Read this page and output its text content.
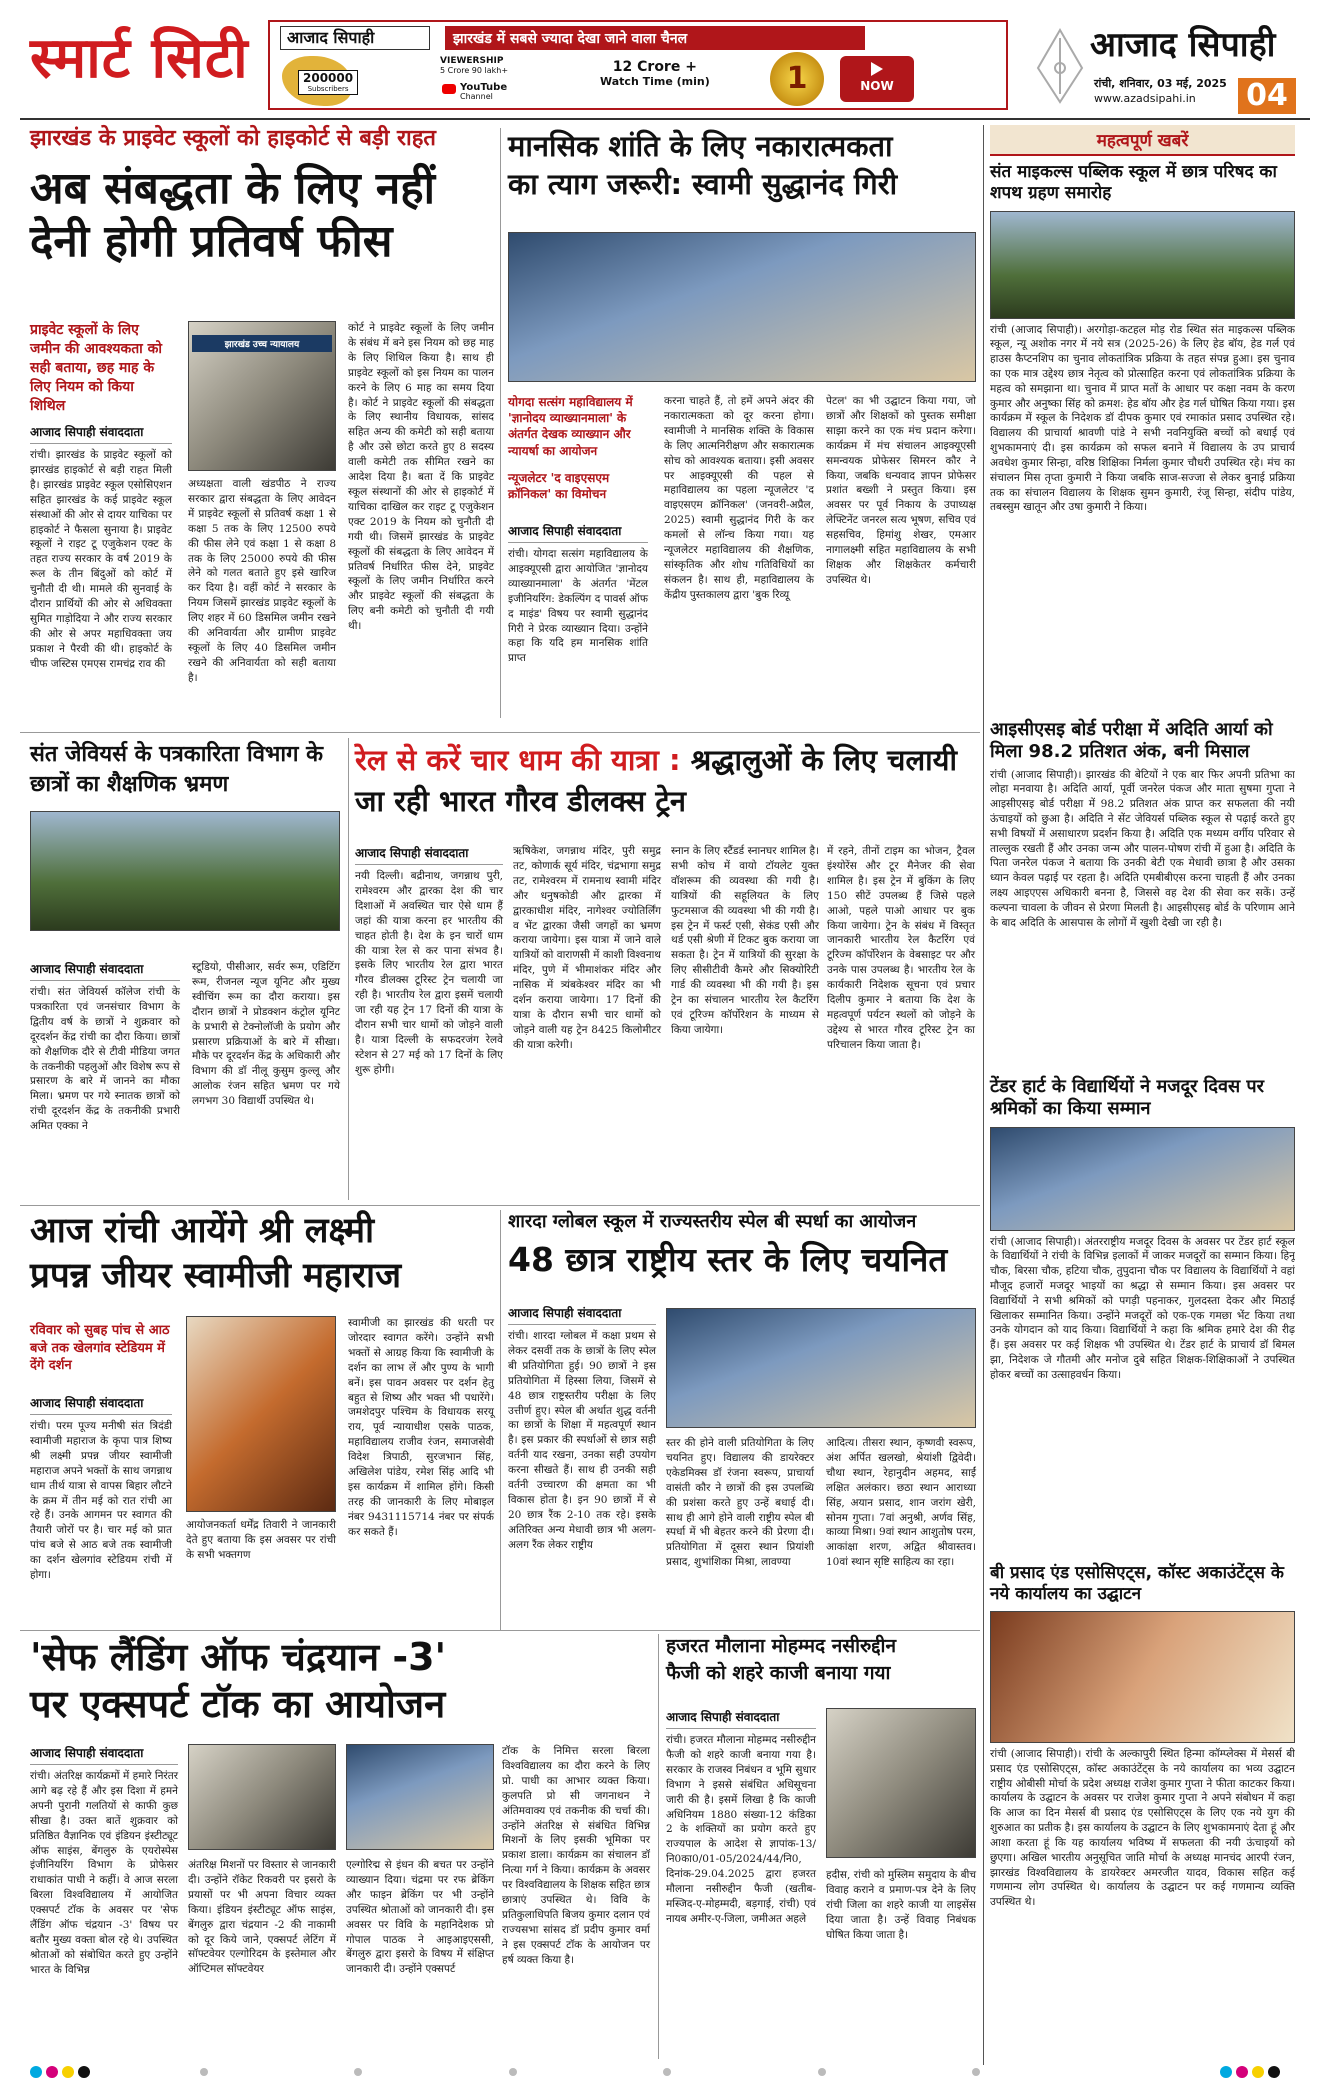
स्मार्ट सिटी आजाद सिपाही	झारखंड में सबसे ज्यादा देखा जाने वाला चैनल
200000
Subscribers
VIEWERSHIP
5 Crore 90 lakh+
YouTube
Channel
12 Crore +
Watch Time (min)	1	NOW
आजाद सिपाही
रांची, शनिवार, 03 मई, 2025
www.azadsipahi.in 04
झारखंड के प्राइवेट स्कूलों को हाइकोर्ट से बड़ी राहत
अब संबद्धता के लिए नहीं
देनी होगी प्रतिवर्ष फीस
प्राइवेट स्कूलों के लिए जमीन की आवश्यकता को सही बताया, छह माह के लिए नियम को किया शिथिल
झारखंड उच्च न्यायालय
आजाद सिपाही संवाददाता
रांची। झारखंड के प्राइवेट स्कूलों को झारखंड हाइकोर्ट से बड़ी राहत मिली है। झारखंड प्राइवेट स्कूल एसोसिएशन सहित झारखंड के कई प्राइवेट स्कूल संस्थाओं की ओर से दायर याचिका पर हाइकोर्ट ने फैसला सुनाया है। प्राइवेट स्कूलों ने राइट टू एजुकेशन एक्ट के तहत राज्य सरकार के वर्ष 2019 के रूल के तीन बिंदुओं को कोर्ट में चुनौती दी थी। मामले की सुनवाई के दौरान प्रार्थियों की ओर से अधिवक्ता सुमित गाड़ोदिया ने और राज्य सरकार की ओर से अपर महाधिवक्ता जय प्रकाश ने पैरवी की थी। हाइकोर्ट के चीफ जस्टिस एमएस रामचंद्र राव की
अध्यक्षता वाली खंडपीठ ने राज्य सरकार द्वारा संबद्धता के लिए आवेदन में प्राइवेट स्कूलों से प्रतिवर्ष कक्षा 1 से कक्षा 5 तक के लिए 12500 रुपये की फीस लेने एवं कक्षा 1 से कक्षा 8 तक के लिए 25000 रुपये की फीस लेने को गलत बताते हुए इसे खारिज कर दिया है। वहीं कोर्ट ने सरकार के नियम जिसमें झारखंड प्राइवेट स्कूलों के लिए शहर में 60 डिसमिल जमीन रखने की अनिवार्यता और ग्रामीण प्राइवेट स्कूलों के लिए 40 डिसमिल जमीन रखने की अनिवार्यता को सही बताया है।
कोर्ट ने प्राइवेट स्कूलों के लिए जमीन के संबंध में बने इस नियम को छह माह के लिए शिथिल किया है। साथ ही प्राइवेट स्कूलों को इस नियम का पालन करने के लिए 6 माह का समय दिया है। कोर्ट ने प्राइवेट स्कूलों की संबद्धता के लिए स्थानीय विधायक, सांसद सहित अन्य की कमेटी को सही बताया है और उसे छोटा करते हुए 8 सदस्य वाली कमेटी तक सीमित रखने का आदेश दिया है। बता दें कि प्राइवेट स्कूल संस्थानों की ओर से हाइकोर्ट में याचिका दाखिल कर राइट टू एजुकेशन एक्ट 2019 के नियम को चुनौती दी गयी थी। जिसमें झारखंड के प्राइवेट स्कूलों की संबद्धता के लिए आवेदन में प्रतिवर्ष निर्धारित फीस देने, प्राइवेट स्कूलों के लिए जमीन निर्धारित करने और प्राइवेट स्कूलों की संबद्धता के लिए बनी कमेटी को चुनौती दी गयी थी।
मानसिक शांति के लिए नकारात्मकता
का त्याग जरूरी: स्वामी सुद्धानंद गिरी
योगदा सत्संग महाविद्यालय में 'ज्ञानोदय व्याख्यानमाला' के अंतर्गत देखक व्याख्यान और न्यायर्षा का आयोजन
न्यूजलेटर 'द वाइएसएम क्रॉनिकल' का विमोचन
आजाद सिपाही संवाददाता
रांची। योगदा सत्संग महाविद्यालय के आइक्यूएसी द्वारा आयोजित 'ज्ञानोदय व्याख्यानमाला' के अंतर्गत 'मेंटल इजीनियरिंग: डेकल्पिंग द पावर्स ऑफ द माइंड' विषय पर स्वामी सुद्धानंद गिरी ने प्रेरक व्याख्यान दिया। उन्होंने कहा कि यदि हम मानसिक शांति प्राप्त
करना चाहते हैं, तो हमें अपने अंदर की नकारात्मकता को दूर करना होगा। स्वामीजी ने मानसिक शक्ति के विकास के लिए आत्मनिरीक्षण और सकारात्मक सोच को आवश्यक बताया। इसी अवसर पर आइक्यूएसी की पहल से महाविद्यालय का पहला न्यूजलेटर 'द वाइएसएम क्रॉनिकल' (जनवरी-अप्रैल, 2025) स्वामी सुद्धानंद गिरी के कर कमलों से लॉन्च किया गया। यह न्यूजलेटर महाविद्यालय की शैक्षणिक, सांस्कृतिक और शोध गतिविधियों का संकलन है। साथ ही, महाविद्यालय के केंद्रीय पुस्तकालय द्वारा 'बुक रिव्यू
पेटल' का भी उद्घाटन किया गया, जो छात्रों और शिक्षकों को पुस्तक समीक्षा साझा करने का एक मंच प्रदान करेगा। कार्यक्रम में मंच संचालन आइक्यूएसी समन्वयक प्रोफेसर सिमरन कौर ने किया, जबकि धन्यवाद ज्ञापन प्रोफेसर प्रशांत बख्शी ने प्रस्तुत किया। इस अवसर पर पूर्व निकाय के उपाध्यक्ष लेफ्टिनेंट जनरल सत्य भूषण, सचिव एवं सहसचिव, हिमांशु शेखर, एमआर नागालक्ष्मी सहित महाविद्यालय के सभी शिक्षक और शिक्षकेतर कर्मचारी उपस्थित थे।
महत्वपूर्ण खबरें
संत माइकल्स पब्लिक स्कूल में छात्र परिषद का शपथ ग्रहण समारोह
रांची (आजाद सिपाही)। अरगोड़ा-कटहल मोड़ रोड स्थित संत माइकल्स पब्लिक स्कूल, न्यू अशोक नगर में नये सत्र (2025-26) के लिए हेड बॉय, हेड गर्ल एवं हाउस कैप्टनशिप का चुनाव लोकतांत्रिक प्रक्रिया के तहत संपन्न हुआ। इस चुनाव का एक मात्र उद्देश्य छात्र नेतृत्व को प्रोत्साहित करना एवं लोकतांत्रिक प्रक्रिया के महत्व को समझाना था। चुनाव में प्राप्त मतों के आधार पर कक्षा नवम के करण कुमार और अनुष्का सिंह को क्रमश: हेड बॉय और हेड गर्ल घोषित किया गया। इस कार्यक्रम में स्कूल के निदेशक डॉ दीपक कुमार एवं रमाकांत प्रसाद उपस्थित रहे। विद्यालय की प्राचार्या श्रावणी पांडे ने सभी नवनियुक्ति बच्चों को बधाई एवं शुभकामनाएं दी। इस कार्यक्रम को सफल बनाने में विद्यालय के उप प्राचार्य अवधेश कुमार सिन्हा, वरिष्ठ शिक्षिका निर्मला कुमार चौधरी उपस्थित रहे। मंच का संचालन मिस तृप्ता कुमारी ने किया जबकि साज-सज्जा से लेकर बुनाई प्रक्रिया तक का संचालन विद्यालय के शिक्षक सुमन कुमारी, रंजू सिन्हा, संदीप पांडेय, तबस्सुम खातून और उषा कुमारी ने किया।
आइसीएसइ बोर्ड परीक्षा में अदिति आर्या को मिला 98.2 प्रतिशत अंक, बनी मिसाल
रांची (आजाद सिपाही)। झारखंड की बेटियों ने एक बार फिर अपनी प्रतिभा का लोहा मनवाया है। अदिति आर्या, पूर्वी जनरेल पंकज और माता सुषमा गुप्ता ने आइसीएसइ बोर्ड परीक्षा में 98.2 प्रतिशत अंक प्राप्त कर सफलता की नयी ऊंचाइयों को छुआ है। अदिति ने सेंट जेवियर्स पब्लिक स्कूल से पढ़ाई करते हुए सभी विषयों में असाधारण प्रदर्शन किया है। अदिति एक मध्यम वर्गीय परिवार से ताल्लुक रखती हैं और उनका जन्म और पालन-पोषण रांची में हुआ है। अदिति के पिता जनरेल पंकज ने बताया कि उनकी बेटी एक मेधावी छात्रा है और उसका ध्यान केवल पढ़ाई पर रहता है। अदिति एमबीबीएस करना चाहती हैं और उनका लक्ष्य आइएएस अधिकारी बनना है, जिससे वह देश की सेवा कर सकें। उन्हें कल्पना चावला के जीवन से प्रेरणा मिलती है। आइसीएसइ बोर्ड के परिणाम आने के बाद अदिति के आसपास के लोगों में खुशी देखी जा रही है।
टेंडर हार्ट के विद्यार्थियों ने मजदूर दिवस पर श्रमिकों का किया सम्मान
रांची (आजाद सिपाही)। अंतरराष्ट्रीय मजदूर दिवस के अवसर पर टेंडर हार्ट स्कूल के विद्यार्थियों ने रांची के विभिन्न इलाकों में जाकर मजदूरों का सम्मान किया। हिनू चौक, बिरसा चौक, हटिया चौक, तुपुदाना चौक पर विद्यालय के विद्यार्थियों ने वहां मौजूद हजारों मजदूर भाइयों का श्रद्धा से सम्मान किया। इस अवसर पर विद्यार्थियों ने सभी श्रमिकों को पगड़ी पहनाकर, गुलदस्ता देकर और मिठाई खिलाकर सम्मानित किया। उन्होंने मजदूरों को एक-एक गमछा भेंट किया तथा उनके योगदान को याद किया। विद्यार्थियों ने कहा कि श्रमिक हमारे देश की रीढ़ हैं। इस अवसर पर कई शिक्षक भी उपस्थित थे। टेंडर हार्ट के प्राचार्य डॉ बिमल झा, निदेशक जे गौतमी और मनोज दुबे सहित शिक्षक-शिक्षिकाओं ने उपस्थित होकर बच्चों का उत्साहवर्धन किया।
बी प्रसाद एंड एसोसिएट्स, कॉस्ट अकाउंटेंट्स के नये कार्यालय का उद्घाटन
रांची (आजाद सिपाही)। रांची के अल्कापुरी स्थित हिन्मा कॉम्प्लेक्स में मेसर्स बी प्रसाद एंड एसोसिएट्स, कॉस्ट अकाउंटेंट्स के नये कार्यालय का भव्य उद्घाटन राष्ट्रीय ओबीसी मोर्चा के प्रदेश अध्यक्ष राजेश कुमार गुप्ता ने फीता काटकर किया। कार्यालय के उद्घाटन के अवसर पर राजेश कुमार गुप्ता ने अपने संबोधन में कहा कि आज का दिन मेसर्स बी प्रसाद एंड एसोसिएट्स के लिए एक नये युग की शुरुआत का प्रतीक है। इस कार्यालय के उद्घाटन के लिए शुभकामनाएं देता हूं और आशा करता हूं कि यह कार्यालय भविष्य में सफलता की नयी ऊंचाइयों को छुएगा। अखिल भारतीय अनुसूचित जाति मोर्चा के अध्यक्ष मानचंद आरपी रंजन, झारखंड विश्वविद्यालय के डायरेक्टर अमरजीत यादव, विकास सहित कई गणमान्य लोग उपस्थित थे। कार्यालय के उद्घाटन पर कई गणमान्य व्यक्ति उपस्थित थे।
संत जेवियर्स के पत्रकारिता विभाग के छात्रों का शैक्षणिक भ्रमण
आजाद सिपाही संवाददाता
रांची। संत जेवियर्स कॉलेज रांची के पत्रकारिता एवं जनसंचार विभाग के द्वितीय वर्ष के छात्रों ने शुक्रवार को दूरदर्शन केंद्र रांची का दौरा किया। छात्रों को शैक्षणिक दौरे से टीवी मीडिया जगत के तकनीकी पहलुओं और विशेष रूप से प्रसारण के बारे में जानने का मौका मिला। भ्रमण पर गये स्नातक छात्रों को रांची दूरदर्शन केंद्र के तकनीकी प्रभारी अमित एक्का ने
स्टूडियो, पीसीआर, सर्वर रूम, एडिटिंग रूम, रीजनल न्यूज यूनिट और मुख्य स्वीचिंग रूम का दौरा कराया। इस दौरान छात्रों ने प्रोडक्शन कंट्रोल यूनिट के प्रभारी से टेक्नोलॉजी के प्रयोग और प्रसारण प्रक्रियाओं के बारे में सीखा। मौके पर दूरदर्शन केंद्र के अधिकारी और विभाग की डॉ नीलू कुसुम कुल्लू और आलोक रंजन सहित भ्रमण पर गये लगभग 30 विद्यार्थी उपस्थित थे।
रेल से करें चार धाम की यात्रा : श्रद्धालुओं के लिए चलायी जा रही भारत गौरव डीलक्स ट्रेन
आजाद सिपाही संवाददाता
नयी दिल्ली। बद्रीनाथ, जगन्नाथ पुरी, रामेश्वरम और द्वारका देश की चार दिशाओं में अवस्थित चार ऐसे धाम हैं जहां की यात्रा करना हर भारतीय की चाहत होती है। देश के इन चारों धाम की यात्रा रेल से कर पाना संभव है। इसके लिए भारतीय रेल द्वारा भारत गौरव डीलक्स टूरिस्ट ट्रेन चलायी जा रही है। भारतीय रेल द्वारा इसमें चलायी जा रही यह ट्रेन 17 दिनों की यात्रा के दौरान सभी चार धामों को जोड़ने वाली है। यात्रा दिल्ली के सफदरजंग रेलवे स्टेशन से 27 मई को 17 दिनों के लिए शुरू होगी।
ऋषिकेश, जगन्नाथ मंदिर, पुरी समुद्र तट, कोणार्क सूर्य मंदिर, चंद्रभागा समुद्र तट, रामेश्वरम में रामनाथ स्वामी मंदिर और धनुषकोडी और द्वारका में द्वारकाधीश मंदिर, नागेश्वर ज्योतिर्लिंग व भेंट द्वारका जैसी जगहों का भ्रमण कराया जायेगा। इस यात्रा में जाने वाले यात्रियों को वाराणसी में काशी विश्वनाथ मंदिर, पुणे में भीमाशंकर मंदिर और नासिक में त्र्यंबकेश्वर मंदिर का भी दर्शन कराया जायेगा। 17 दिनों की यात्रा के दौरान सभी चार धामों को जोड़ने वाली यह ट्रेन 8425 किलोमीटर की यात्रा करेगी।
स्नान के लिए स्टैंडर्ड स्नानघर शामिल है। सभी कोच में वायो टॉयलेट युक्त वॉशरूम की व्यवस्था की गयी है। यात्रियों की सहूलियत के लिए फुटमसाज की व्यवस्था भी की गयी है। इस ट्रेन में फर्स्ट एसी, सेकंड एसी और थर्ड एसी श्रेणी में टिकट बुक कराया जा सकता है। ट्रेन में यात्रियों की सुरक्षा के लिए सीसीटीवी कैमरे और सिक्योरिटी गार्ड की व्यवस्था भी की गयी है। इस ट्रेन का संचालन भारतीय रेल कैटरिंग एवं टूरिज्म कॉर्पोरेशन के माध्यम से किया जायेगा।
में रहने, तीनों टाइम का भोजन, ट्रैवल इंश्योरेंस और टूर मैनेजर की सेवा शामिल है। इस ट्रेन में बुकिंग के लिए 150 सीटें उपलब्ध हैं जिसे पहले आओ, पहले पाओ आधार पर बुक किया जायेगा। ट्रेन के संबंध में विस्तृत जानकारी भारतीय रेल कैटरिंग एवं टूरिज्म कॉर्पोरेशन के वेबसाइट पर और उनके पास उपलब्ध है। भारतीय रेल के कार्यकारी निदेशक सूचना एवं प्रचार दिलीप कुमार ने बताया कि देश के महत्वपूर्ण पर्यटन स्थलों को जोड़ने के उद्देश्य से भारत गौरव टूरिस्ट ट्रेन का परिचालन किया जाता है।
आज रांची आयेंगे श्री लक्ष्मी
प्रपन्न जीयर स्वामीजी महाराज
रविवार को सुबह पांच से आठ बजे तक खेलगांव स्टेडियम में देंगे दर्शन
आजाद सिपाही संवाददाता
रांची। परम पूज्य मनीषी संत त्रिदंडी स्वामीजी महाराज के कृपा पात्र शिष्य श्री लक्ष्मी प्रपन्न जीयर स्वामीजी महाराज अपने भक्तों के साथ जगन्नाथ धाम तीर्थ यात्रा से वापस बिहार लौटने के क्रम में तीन मई को रात रांची आ रहे हैं। उनके आगमन पर स्वागत की तैयारी जोरों पर है। चार मई को प्रात पांच बजे से आठ बजे तक स्वामीजी का दर्शन खेलगांव स्टेडियम रांची में होगा।
आयोजनकर्ता धर्मेंद्र तिवारी ने जानकारी देते हुए बताया कि इस अवसर पर रांची के सभी भक्तगण
स्वामीजी का झारखंड की धरती पर जोरदार स्वागत करेंगे। उन्होंने सभी भक्तों से आग्रह किया कि स्वामीजी के दर्शन का लाभ लें और पुण्य के भागी बनें। इस पावन अवसर पर दर्शन हेतु बहुत से शिष्य और भक्त भी पधारेंगे। जमशेदपुर पश्चिम के विधायक सरयू राय, पूर्व न्यायाधीश एसके पाठक, महाविद्यालय राजीव रंजन, समाजसेवी विदेश त्रिपाठी, सुरजभान सिंह, अखिलेश पांडेय, रमेश सिंह आदि भी इस कार्यक्रम में शामिल होंगे। किसी तरह की जानकारी के लिए मोबाइल नंबर 9431115714 नंबर पर संपर्क कर सकते हैं।
शारदा ग्लोबल स्कूल में राज्यस्तरीय स्पेल बी स्पर्धा का आयोजन
48 छात्र राष्ट्रीय स्तर के लिए चयनित
आजाद सिपाही संवाददाता
रांची। शारदा ग्लोबल में कक्षा प्रथम से लेकर दसवीं तक के छात्रों के लिए स्पेल बी प्रतियोगिता हुई। 90 छात्रों ने इस प्रतियोगिता में हिस्सा लिया, जिसमें से 48 छात्र राष्ट्रस्तरीय परीक्षा के लिए उत्तीर्ण हुए। स्पेल बी अर्थात शुद्ध वर्तनी का छात्रों के शिक्षा में महत्वपूर्ण स्थान है। इस प्रकार की स्पर्धाओं से छात्र सही वर्तनी याद रखना, उनका सही उपयोग करना सीखते हैं। साथ ही उनकी सही वर्तनी उच्चारण की क्षमता का भी विकास होता है। इन 90 छात्रों में से 20 छात्र रैंक 2-10 तक रहे। इसके अतिरिक्त अन्य मेधावी छात्र भी अलग-अलग रैंक लेकर राष्ट्रीय
स्तर की होने वाली प्रतियोगिता के लिए चयनित हुए। विद्यालय की डायरेक्टर एकेडमिक्स डॉ रंजना स्वरूप, प्राचार्या वासंती कौर ने छात्रों की इस उपलब्धि की प्रशंसा करते हुए उन्हें बधाई दी। साथ ही आगे होने वाली राष्ट्रीय स्पेल बी स्पर्धा में भी बेहतर करने की प्रेरणा दी। प्रतियोगिता में दूसरा स्थान प्रियांशी प्रसाद, शुभांशिका मिश्रा, लावण्या
आदित्य। तीसरा स्थान, कृष्णवी स्वरूप, अंश अर्पित खलखो, श्रेयांशी द्विवेदी। चौथा स्थान, रेहानुदीन अहमद, साईं लक्षित अलंकार। छठा स्थान आराध्या सिंह, अयान प्रसाद, शान जरांग खेरी, सोनम गुप्ता। 7वां अनुश्री, अर्णव सिंह, काव्या मिश्रा। 9वां स्थान आशुतोष परम, आकांक्षा शरण, अद्वित श्रीवास्तव। 10वां स्थान सृष्टि साहित्य का रहा।
'सेफ लैंडिंग ऑफ चंद्रयान -3'
पर एक्सपर्ट टॉक का आयोजन
आजाद सिपाही संवाददाता
रांची। अंतरिक्ष कार्यक्रमों में हमारे निरंतर आगे बढ़ रहे हैं और इस दिशा में हमने अपनी पुरानी गलतियों से काफी कुछ सीखा है। उक्त बातें शुक्रवार को प्रतिष्ठित वैज्ञानिक एवं इंडियन इंस्टीट्यूट ऑफ साइंस, बेंगलुरु के एयरोस्पेस इंजीनियरिंग विभाग के प्रोफेसर राधाकांत पाधी ने कहीं। वे आज सरला बिरला विश्वविद्यालय में आयोजित एक्सपर्ट टॉक के अवसर पर 'सेफ लैंडिंग ऑफ चंद्रयान -3' विषय पर बतौर मुख्य वक्ता बोल रहे थे। उपस्थित श्रोताओं को संबोधित करते हुए उन्होंने भारत के विभिन्न
अंतरिक्ष मिशनों पर विस्तार से जानकारी दी। उन्होंने रॉकेट रिकवरी पर इसरो के प्रयासों पर भी अपना विचार व्यक्त किया। इंडियन इंस्टीट्यूट ऑफ साइंस, बेंगलुरु द्वारा चंद्रयान -2 की नाकामी को दूर किये जाने, एक्सपर्ट लेटिंग में सॉफ्टवेयर एल्गोरिदम के इस्तेमाल और ऑप्टिमल सॉफ्टवेयर
एल्गोरिद्म से इंधन की बचत पर उन्होंने व्याख्यान दिया। चंद्रमा पर रफ ब्रेकिंग और फाइन ब्रेकिंग पर भी उन्होंने उपस्थित श्रोताओं को जानकारी दी। इस अवसर पर विवि के महानिदेशक प्रो गोपाल पाठक ने आइआइएससी, बेंगलुरु द्वारा इसरो के विषय में संक्षिप्त जानकारी दी। उन्होंने एक्सपर्ट
टॉक के निमित्त सरला बिरला विश्वविद्यालय का दौरा करने के लिए प्रो. पाधी का आभार व्यक्त किया। कुलपति प्रो सी जगनाथन ने अंतिमवाक्य एवं तकनीक की चर्चा की। उन्होंने अंतरिक्ष से संबंधित विभिन्न मिशनों के लिए इसकी भूमिका पर प्रकाश डाला। कार्यक्रम का संचालन डॉ नित्या गर्ग ने किया। कार्यक्रम के अवसर पर विश्वविद्यालय के शिक्षक सहित छात्र छात्राएं उपस्थित थे। विवि के प्रतिकुलाधिपति बिजय कुमार दलान एवं राज्यसभा सांसद डॉ प्रदीप कुमार वर्मा ने इस एक्सपर्ट टॉक के आयोजन पर हर्ष व्यक्त किया है।
हजरत मौलाना मोहम्मद नसीरुद्दीन
फैजी को शहरे काजी बनाया गया
आजाद सिपाही संवाददाता
रांची। हजरत मौलाना मोहम्मद नसीरुद्दीन फैजी को शहरे काजी बनाया गया है। सरकार के राजस्व निबंधन व भूमि सुधार विभाग ने इससे संबंधित अधिसूचना जारी की है। इसमें लिखा है कि काजी अधिनियम 1880 संख्या-12 कंडिका 2 के शक्तियों का प्रयोग करते हुए राज्यपाल के आदेश से ज्ञापांक-13/नि0का0/01-05/2024/44/नि0, दिनांक-29.04.2025 द्वारा हजरत मौलाना नसीरुद्दीन फैजी (खतीब-मस्जिद-ए-मोहम्मदी, बड़गाई, रांची) एवं नायब अमीर-ए-जिला, जमीअत अहले
हदीस, रांची को मुस्लिम समुदाय के बीच विवाह कराने व प्रमाण-पत्र देने के लिए रांची जिला का शहरे काजी या लाइसेंस दिया जाता है। उन्हें विवाह निबंधक घोषित किया जाता है।
